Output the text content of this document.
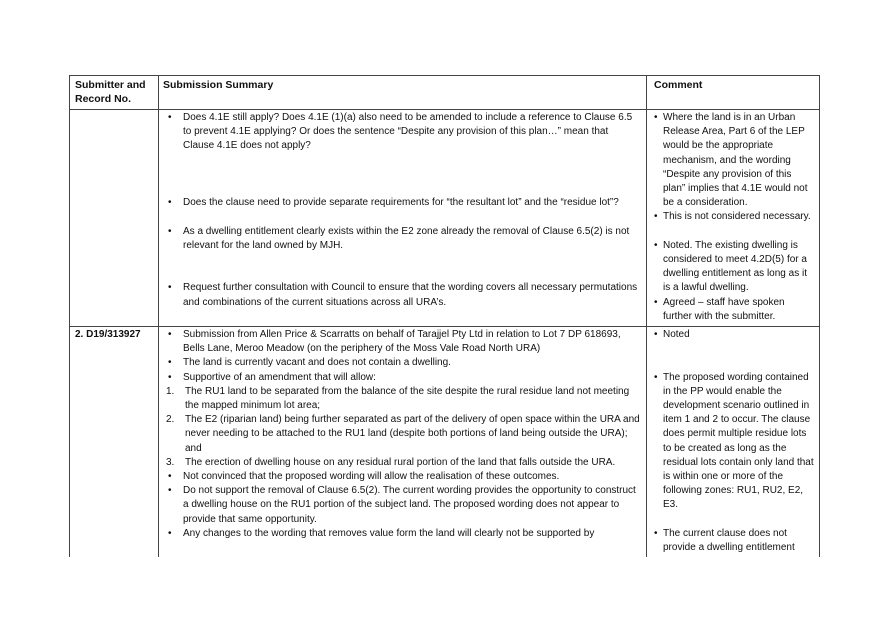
Submitter and Record No.
Submission Summary	Comment
• Does 4.1E still apply? Does 4.1E (1)(a) also need to be amended to include a reference to Clause 6.5 to prevent 4.1E applying? Or does the sentence “Despite any provision of this plan…” mean that Clause 4.1E does not apply?
• Does the clause need to provide separate requirements for “the resultant lot” and the “residue lot”?
• As a dwelling entitlement clearly exists within the E2 zone already the removal of Clause 6.5(2) is not relevant for the land owned by MJH.
• Request further consultation with Council to ensure that the wording covers all necessary permutations and combinations of the current situations across all URA’s.
• Where the land is in an Urban Release Area, Part 6 of the LEP would be the appropriate mechanism, and the wording “Despite any provision of this plan” implies that 4.1E would not be a consideration.
• This is not considered necessary.
• Noted. The existing dwelling is considered to meet 4.2D(5) for a dwelling entitlement as long as it is a lawful dwelling.
• Agreed – staff have spoken further with the submitter.
2. D19/313927
•	Submission from Allen Price & Scarratts on behalf of Tarajjel Pty Ltd in relation to Lot 7 DP 618693, Bells Lane, Meroo Meadow (on the periphery of the Moss Vale Road North URA)
• The land is currently vacant and does not contain a dwelling.
• Supportive of an amendment that will allow:
1. The RU1 land to be separated from the balance of the site despite the rural residue land not meeting the mapped minimum lot area;
2. The E2 (riparian land) being further separated as part of the delivery of open space within the URA and never needing to be attached to the RU1 land (despite both portions of land being outside the URA); and
3. The erection of dwelling house on any residual rural portion of the land that falls outside the URA.
• Not convinced that the proposed wording will allow the realisation of these outcomes.
• Do not support the removal of Clause 6.5(2). The current wording provides the opportunity to construct a dwelling house on the RU1 portion of the subject land. The proposed wording does not appear to provide that same opportunity.
• Any changes to the wording that removes value form the land will clearly not be supported by
• Noted
• The proposed wording contained in the PP would enable the development scenario outlined in item 1 and 2 to occur. The clause does permit multiple residue lots to be created as long as the residual lots contain only land that is within one or more of the following zones: RU1, RU2, E2, E3.
• The current clause does not provide a dwelling entitlement
